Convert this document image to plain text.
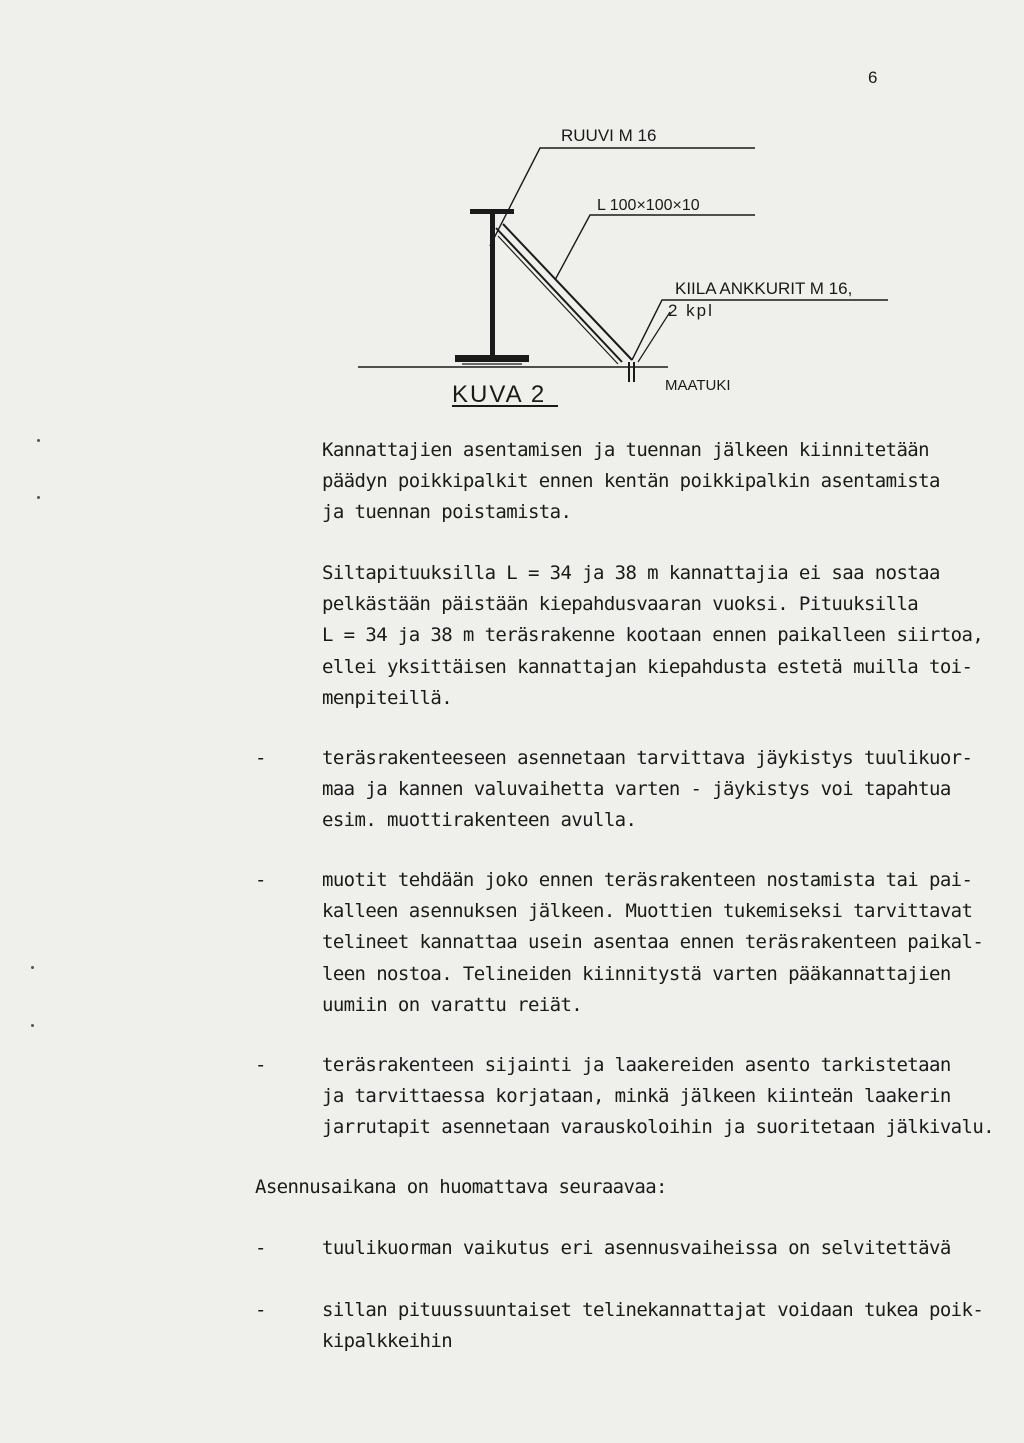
6
RUUVI M 16
L 100×100×10
KIILA ANKKURIT M 16,
2 kpl
MAATUKI
KUVA 2

Kannattajien asentamisen ja tuennan jälkeen kiinnitetään
päädyn poikkipalkit ennen kentän poikkipalkin asentamista
ja tuennan poistamista.

Siltapituuksilla L = 34 ja 38 m kannattajia ei saa nostaa
pelkästään päistään kiepahdusvaaran vuoksi. Pituuksilla
L = 34 ja 38 m teräsrakenne kootaan ennen paikalleen siirtoa,
ellei yksittäisen kannattajan kiepahdusta estetä muilla toi-
menpiteillä.

-	teräsrakenteeseen asennetaan tarvittava jäykistys tuulikuor-
maa ja kannen valuvaihetta varten - jäykistys voi tapahtua
esim. muottirakenteen avulla.

-	muotit tehdään joko ennen teräsrakenteen nostamista tai pai-
kalleen asennuksen jälkeen. Muottien tukemiseksi tarvittavat
telineet kannattaa usein asentaa ennen teräsrakenteen paikal-
leen nostoa. Telineiden kiinnitystä varten pääkannattajien
uumiin on varattu reiät.

-	teräsrakenteen sijainti ja laakereiden asento tarkistetaan
ja tarvittaessa korjataan, minkä jälkeen kiinteän laakerin
jarrutapit asennetaan varauskoloihin ja suoritetaan jälkivalu.

Asennusaikana on huomattava seuraavaa:

-	tuulikuorman vaikutus eri asennusvaiheissa on selvitettävä

-	sillan pituussuuntaiset telinekannattajat voidaan tukea poik-
kipalkkeihin
